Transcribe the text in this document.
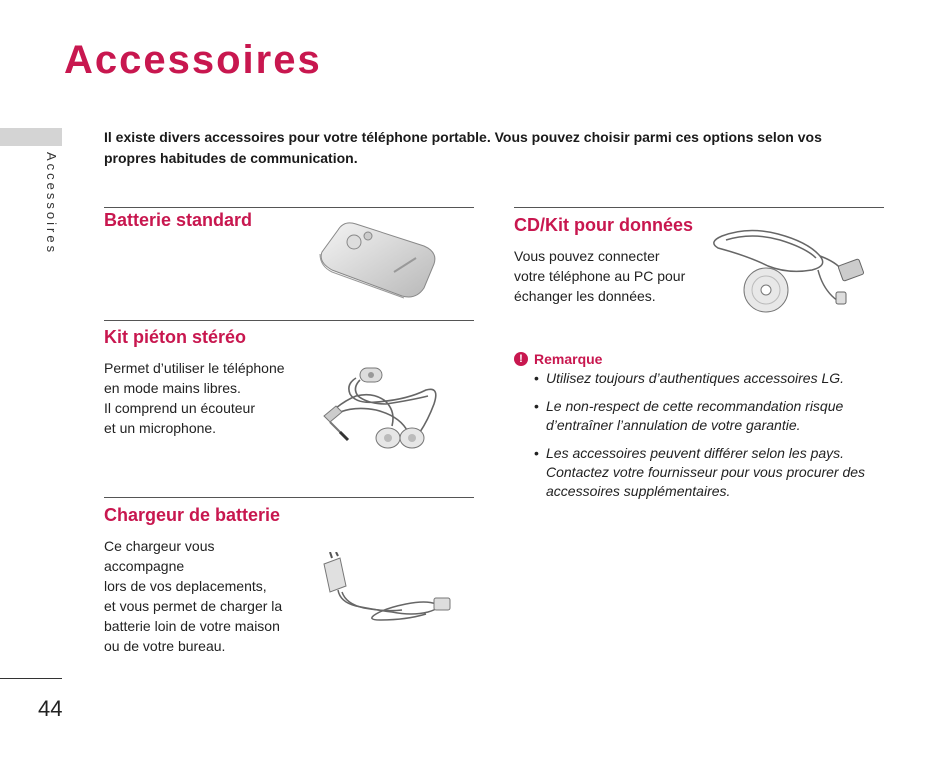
Accessoires
Accessoires

Il existe divers accessoires pour votre téléphone portable. Vous pouvez choisir parmi ces options selon vos propres habitudes de communication.

Batterie standard
Kit piéton stéréo
Permet d’utiliser le téléphone
en mode mains libres.
Il comprend un écouteur
et un microphone.
Chargeur de batterie
Ce chargeur vous
accompagne
lors de vos deplacements,
et vous permet de charger la
batterie loin de votre maison
ou de votre bureau.
CD/Kit pour données
Vous pouvez connecter
votre téléphone au PC pour
échanger les données.
! Remarque
• Utilisez toujours d’authentiques accessoires LG.
• Le non-respect de cette recommandation risque d’entraîner l’annulation de votre garantie.
• Les accessoires peuvent différer selon les pays. Contactez votre fournisseur pour vous procurer des accessoires supplémentaires.
44
